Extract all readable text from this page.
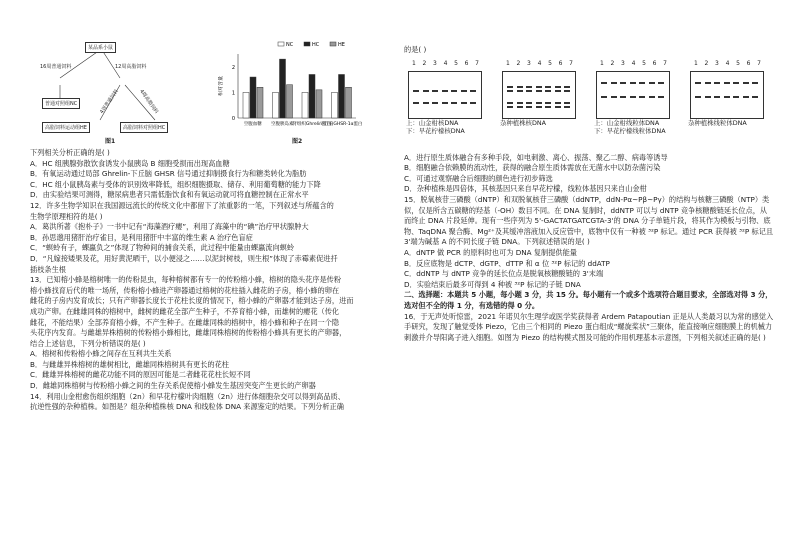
某品系小鼠
16周普通饲料	12周高脂饲料
普通对照组NC	4周普通饲料	4周高脂饲料
高脂饲料运动组HE	高脂饲料对照组HC
图1
0
1
2
相对含量
空腹血糖 空腹胰岛素
肾组织Ghrelin蛋白
下丘脑GHSR-1α蛋白
NC	HC	HE
图2

下列相关分析正确的是( )

A．HC 组胰腺弥散饮食诱发小鼠胰岛 B 细胞受损而出现高血糖

B．有氧运动通过局部 Ghrelin-下丘脑 GHSR 信号通过抑制摄食行为和糖类转化为脂肪

C．HC 组小鼠胰岛素与受体的识别效率降低，组织细胞摄取、储存、利用葡萄糖的能力下降

D．由实验结果可测得，糖尿病患者只需低脂饮食和有氧运动就可将血糖控制在正常水平

12．许多生物学知识在我国源远流长的传统文化中都留下了浓重影的一笔，下列叙述与所蕴含的

生物学原理相符的是( )

A．葛洪所著《抱朴子》一书中记有“海藻酒疗瘿”，利用了海藻中的“碘”治疗甲状腺肿大

B．孙思邈用猪肝治疗雀目，是利用猪肝中丰富的维生素 A 治疗色盲症

C．“螟蛉有子，蜾蠃负之”体现了物种间的捕食关系，此过程中能量由蜾蠃流向螟蛉

D．“凡嫁接矮果及花，用好黄泥晒干，以小便浸之……以泥封树枝，则生根”体现了赤霉素促进扦

插枝条生根

13．已知榕小蜂是榕树唯一的传粉昆虫，每种榕树都有专一的传粉榕小蜂，榕树的隐头花序是传粉

榕小蜂找育后代的唯一场所，传粉榕小蜂进产卵器通过榕树的花柱插入雌花的子房，榕小蜂的卵在

雌花的子房内发育成长；只有产卵器长度长于花柱长度的情况下，榕小蜂的产卵器才能到达子房，进而

成功产卵。在雌雄同株的榕树中，雌树的雌花全部产生种子，不养育榕小蜂，而雄树的瘿花（传化

雌花，不能结果）全部养育榕小蜂，不产生种子。在雌雄同株的榕树中，榕小蜂和种子在同一个隐

头花序内发育。与雌雄异株榕树的传粉榕小蜂相比，雌雄同株榕树的传粉榕小蜂具有更长的产卵器，

结合上述信息，下列分析错误的是( )

A．榕树和传粉榕小蜂之间存在互利共生关系

B．与雌雄异株榕树的雄树相比，雌雄同株榕树具有更长的花柱

C．雌雄异株榕树的雌花功能不同的原因可能是二者雌花花柱长短不同

D．雌雄同株榕树与传粉榕小蜂之间的生存关系促使榕小蜂发生基因突变产生更长的产卵器

14．利用山金柑愈伤组织细胞（2n）和早花柠檬叶肉细胞（2n）进行体细胞杂交可以得到高品质、

抗逆性强的杂种植株。如图是？组杂种植株核 DNA 和线粒体 DNA 来源鉴定的结果。下列分析正确

的是( )

1 2 3 4 5 6 7
上：山金柑核DNA
下：早花柠檬核DNA
1 2 3 4 5 6 7
杂种植株核DNA
1 2 3 4 5 6 7
上：山金柑线粒体DNA
下：早花柠檬线粒体DNA
1 2 3 4 5 6 7
杂种植株线粒体DNA

A．进行原生质体融合有多种手段，如电刺激、离心、振荡、聚乙二醇、病毒等诱导

B．细胞融合依赖膜的流动性，获得的融合原生质体需放在无菌水中以防杂菌污染

C．可通过观察融合后细胞的颜色进行初步筛选

D．杂种植株是四倍体，其核基因只来自早花柠檬，线粒体基因只来自山金柑

15．脱氧核苷三磷酸（dNTP）和双脱氧核苷三磷酸（ddNTP，ddN-Pα~Pβ~Pγ）的结构与核糖三磷酸（NTP）类似，仅是所含五碳糖的羟基（-OH）数目不同。在 DNA 复制时，ddNTP 可以与 dNTP 竞争核糖酸链延长位点，从而终止 DNA 片段延伸。现有一些序列为 5'-GACTATGATCGTA-3'的 DNA 分子单链片段，将其作为模板与引物、底物、TaqDNA 聚合酶、Mg²⁺及其缓冲溶液加入反应管中，底物中仅有一种被 ³²P 标记。通过 PCR 获得被 ³²P 标记且 3'端为碱基 A 的不同长度子链 DNA。下列叙述错误的是( )

A．dNTP 做 PCR 的原料时也可为 DNA 复制提供能量

B．反应底物是 dCTP、dGTP、dTTP 和 α 位 ³²P 标记的 ddATP

C．ddNTP 与 dNTP 竞争的延长位点是脱氧核糖酸链的 3'末端

D．实验结束后最多可得到 4 种被 ³²P 标记的子链 DNA

二、选择题：本题共 5 小题，每小题 3 分，共 15 分。每小题有一个或多个选项符合题目要求，全部选对得 3 分，选对但不全的得 1 分，有选错的得 0 分。

16．于无声处听惊雷，2021 年诺贝尔生理学或医学奖获得者 Ardem Patapoutian 正是从人类最习以为常的感觉入手研究，发现了触觉受体 Piezo，它由三个相同的 Piezo 蛋白组成“螺旋桨状”三聚体，能直接响应细胞膜上的机械力刺激并介导阳离子进入细胞。如图为 Piezo 的结构模式图及可能的作用机理基本示意图，下列相关叙述正确的是( )
